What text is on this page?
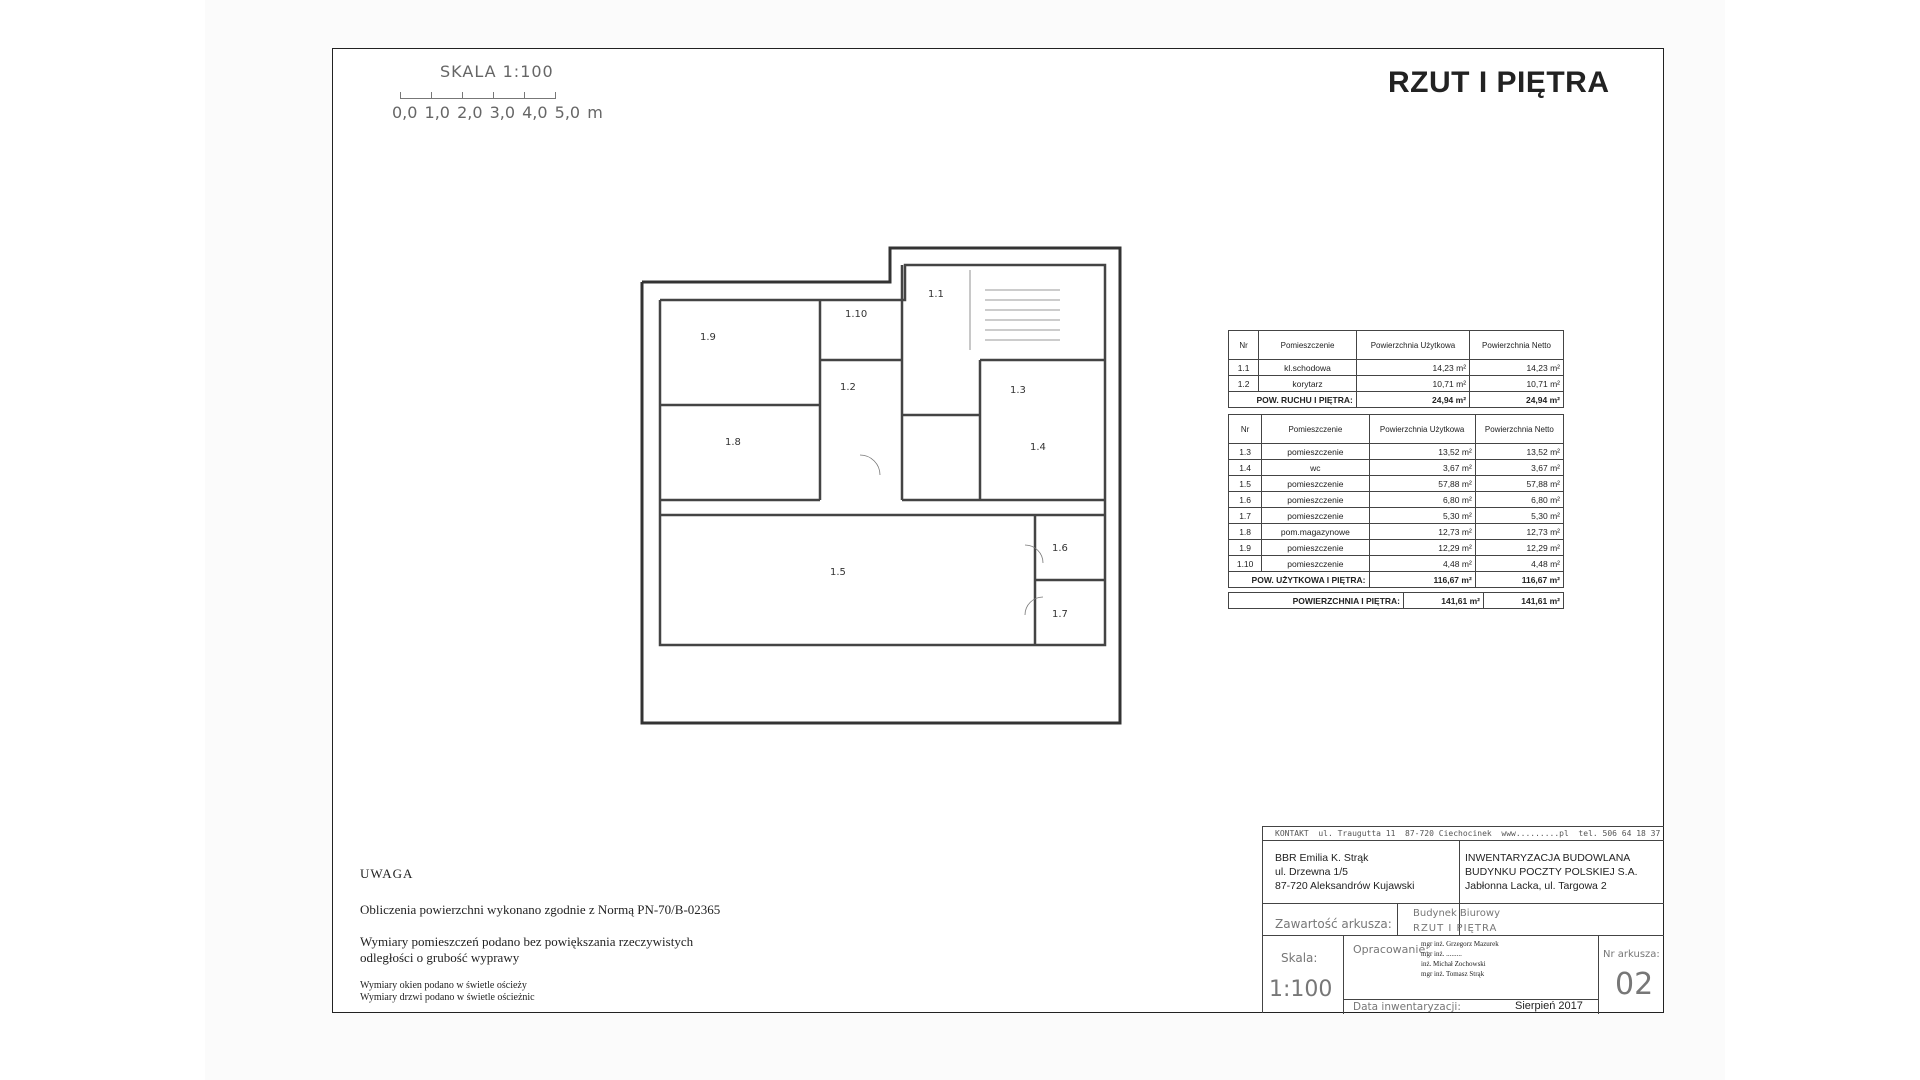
RZUT I PIĘTRA
SKALA 1:100
0,0 1,0 2,0 3,0 4,0 5,0 m
1.9
1.8
1.10
1.1
1.2	1.3
1.4
1.5
1.6
1.7
Nr	Pomieszczenie	Powierzchnia Użytkowa	Powierzchnia Netto
1.1	kl.schodowa	14,23 m²	14,23 m²
1.2	korytarz	10,71 m²	10,71 m²
POW. RUCHU I PIĘTRA:		24,94 m²	24,94 m²
Nr	Pomieszczenie	Powierzchnia Użytkowa	Powierzchnia Netto
1.3	pomieszczenie	13,52 m²	13,52 m²
1.4	wc	3,67 m²	3,67 m²
1.5	pomieszczenie	57,88 m²	57,88 m²
1.6	pomieszczenie	6,80 m²	6,80 m²
1.7	pomieszczenie	5,30 m²	5,30 m²
1.8	pom.magazynowe	12,73 m²	12,73 m²
1.9	pomieszczenie	12,29 m²	12,29 m²
1.10	pomieszczenie	4,48 m²	4,48 m²
POW. UŻYTKOWA I PIĘTRA:		116,67 m²	116,67 m²
POWIERZCHNIA I PIĘTRA:	141,61 m²	141,61 m²
UWAGA
Obliczenia powierzchni wykonano zgodnie z Normą PN-70/B-02365
Wymiary pomieszczeń podano bez powiększania rzeczywistych
odległości o grubość wyprawy
Wymiary okien podano w świetle ościeży
Wymiary drzwi podano w świetle ościeżnic
KONTAKT  ul. Traugutta 11  87-720 Ciechocinek  www.........pl  tel. 506 64 18 37
BBR Emilia K. Strąk
ul. Drzewna 1/5
87-720 Aleksandrów Kujawski
INWENTARYZACJA BUDOWLANA
BUDYNKU POCZTY POLSKIEJ S.A.
Jabłonna Lacka, ul. Targowa 2
Zawartość arkusza:
Budynek Biurowy
RZUT I PIĘTRA
Skala:
1:100
Opracowanie:
mgr inż. Grzegorz Mazurek
mgr inż. .........
inż. Michał Zochowski
mgr inż. Tomasz Strąk
Nr arkusza:
02
Data inwentaryzacji:	Sierpień 2017
